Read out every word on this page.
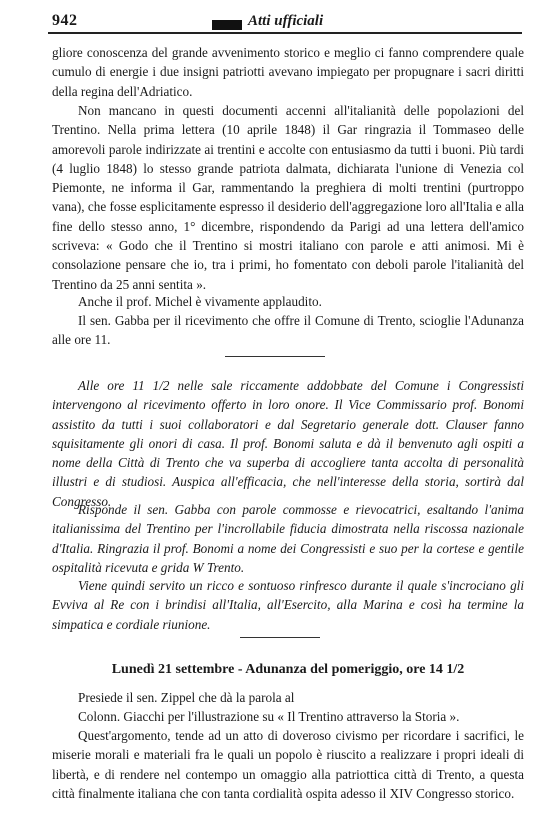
942	Atti ufficiali

gliore conoscenza del grande avvenimento storico e meglio ci fanno comprendere quale cumulo di energie i due insigni patriotti avevano impiegato per propugnare i sacri diritti della regina dell'Adriatico.

Non mancano in questi documenti accenni all'italianità delle popolazioni del Trentino. Nella prima lettera (10 aprile 1848) il Gar ringrazia il Tommaseo delle amorevoli parole indirizzate ai trentini e accolte con entusiasmo da tutti i buoni. Più tardi (4 luglio 1848) lo stesso grande patriota dalmata, dichiarata l'unione di Venezia col Piemonte, ne informa il Gar, rammentando la preghiera di molti trentini (purtroppo vana), che fosse esplicitamente espresso il desiderio dell'aggregazione loro all'Italia e alla fine dello stesso anno, 1° dicembre, rispondendo da Parigi ad una lettera dell'amico scriveva: « Godo che il Trentino si mostri italiano con parole e atti animosi. Mi è consolazione pensare che io, tra i primi, ho fomentato con deboli parole l'italianità del Trentino da 25 anni sentita ».

Anche il prof. Michel è vivamente applaudito.

Il sen. Gabba per il ricevimento che offre il Comune di Trento, scioglie l'Adunanza alle ore 11.

Alle ore 11 1/2 nelle sale riccamente addobbate del Comune i Congressisti intervengono al ricevimento offerto in loro onore. Il Vice Commissario prof. Bonomi assistito da tutti i suoi collaboratori e dal Segretario generale dott. Clauser fanno squisitamente gli onori di casa. Il prof. Bonomi saluta e dà il benvenuto agli ospiti a nome della Città di Trento che va superba di accogliere tanta accolta di personalità illustri e di studiosi. Auspica all'efficacia, che nell'interesse della storia, sortirà dal Congresso.

Risponde il sen. Gabba con parole commosse e rievocatrici, esaltando l'anima italianissima del Trentino per l'incrollabile fiducia dimostrata nella riscossa nazionale d'Italia. Ringrazia il prof. Bonomi a nome dei Congressisti e suo per la cortese e gentile ospitalità ricevuta e grida W Trento.

Viene quindi servito un ricco e sontuoso rinfresco durante il quale s'incrociano gli Evviva al Re con i brindisi all'Italia, all'Esercito, alla Marina e così ha termine la simpatica e cordiale riunione.

Lunedì 21 settembre - Adunanza del pomeriggio, ore 14 1/2

Presiede il sen. Zippel che dà la parola al

Colonn. Giacchi per l'illustrazione su « Il Trentino attraverso la Storia ».

Quest'argomento, tende ad un atto di doveroso civismo per ricordare i sacrifici, le miserie morali e materiali fra le quali un popolo è riuscito a realizzare i propri ideali di libertà, e di rendere nel contempo un omaggio alla patriottica città di Trento, a questa città finalmente italiana che con tanta cordialità ospita adesso il XIV Congresso storico.
